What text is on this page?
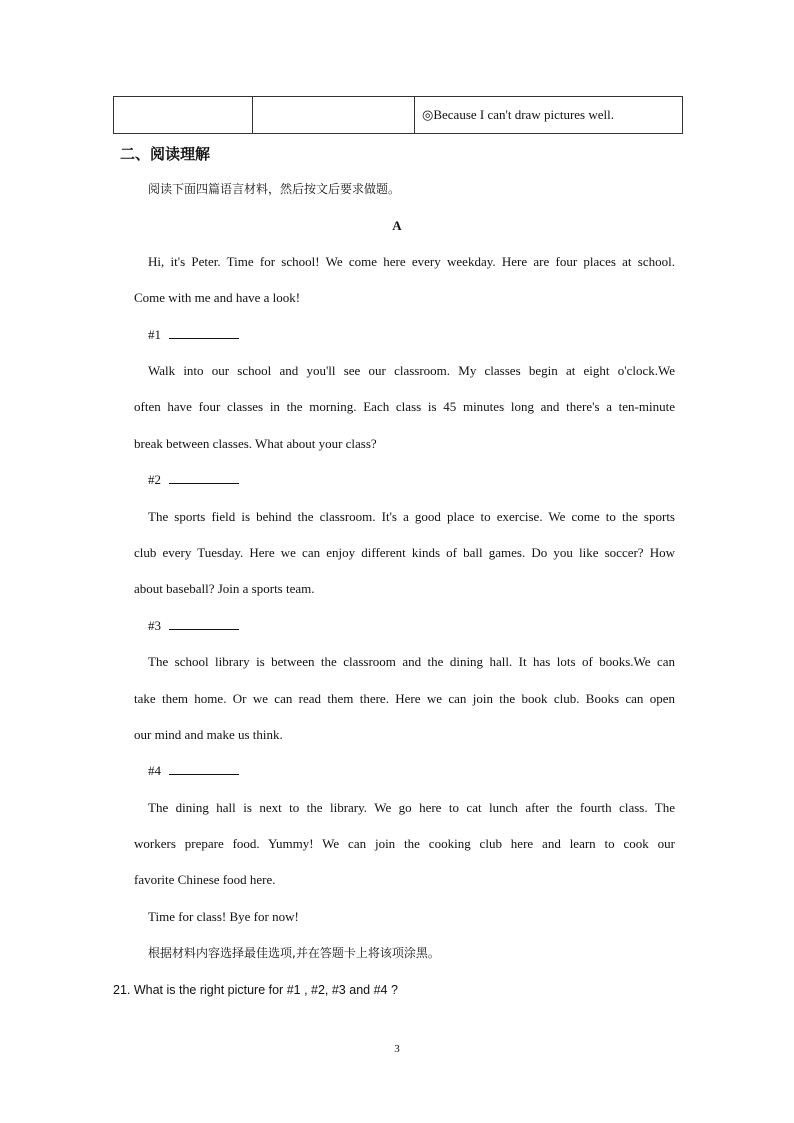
		◎Because I can't draw pictures well.
二、阅读理解
阅读下面四篇语言材料，然后按文后要求做题。
A
Hi, it's Peter. Time for school! We come here every weekday. Here are four places at school.
Come with me and have a look!
#1
Walk into our school and you'll see our classroom. My classes begin at eight o'clock.We
often have four classes in the morning. Each class is 45 minutes long and there's a ten-minute
break between classes. What about your class?
#2
The sports field is behind the classroom. It's a good place to exercise. We come to the sports
club every Tuesday. Here we can enjoy different kinds of ball games. Do you like soccer? How
about baseball? Join a sports team.
#3
The school library is between the classroom and the dining hall. It has lots of books.We can
take them home. Or we can read them there. Here we can join the book club. Books can open
our mind and make us think.
#4
The dining hall is next to the library. We go here to cat lunch after the fourth class. The
workers prepare food. Yummy! We can join the cooking club here and learn to cook our
favorite Chinese food here.
Time for class! Bye for now!
根据材料内容选择最佳选项,并在答题卡上将该项涂黑。
21. What is the right picture for #1 , #2, #3 and #4 ?
3
